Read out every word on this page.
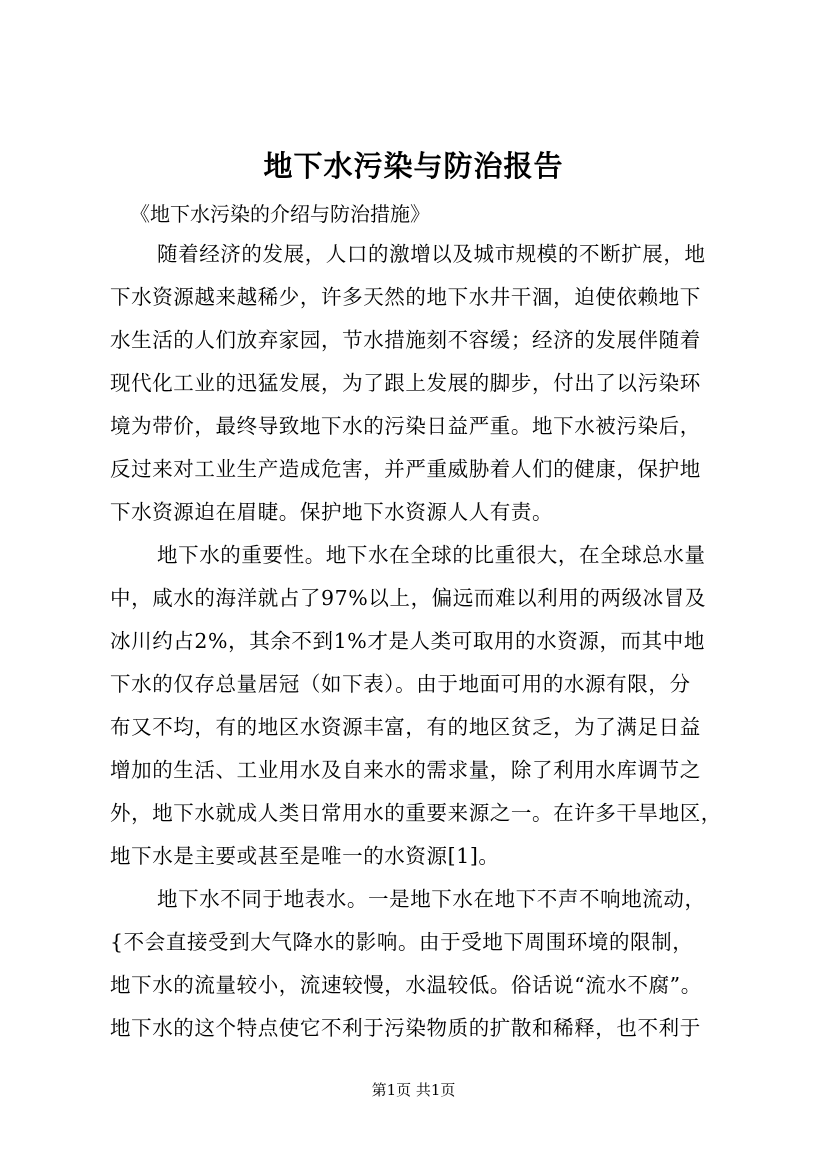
地下水污染与防治报告
《地下水污染的介绍与防治措施》
随着经济的发展，人口的激增以及城市规模的不断扩展，地
下水资源越来越稀少，许多天然的地下水井干涸，迫使依赖地下
水生活的人们放弃家园，节水措施刻不容缓；经济的发展伴随着
现代化工业的迅猛发展，为了跟上发展的脚步，付出了以污染环
境为带价，最终导致地下水的污染日益严重。地下水被污染后，
反过来对工业生产造成危害，并严重威胁着人们的健康，保护地
下水资源迫在眉睫。保护地下水资源人人有责。
地下水的重要性。地下水在全球的比重很大，在全球总水量
中，咸水的海洋就占了97%以上，偏远而难以利用的两级冰冒及
冰川约占2%，其余不到1%才是人类可取用的水资源，而其中地
下水的仅存总量居冠（如下表）。由于地面可用的水源有限，分
布又不均，有的地区水资源丰富，有的地区贫乏，为了满足日益
增加的生活、工业用水及自来水的需求量，除了利用水库调节之
外，地下水就成人类日常用水的重要来源之一。在许多干旱地区，
地下水是主要或甚至是唯一的水资源[1]。
地下水不同于地表水。一是地下水在地下不声不响地流动，
{不会直接受到大气降水的影响。由于受地下周围环境的限制，
地下水的流量较小，流速较慢，水温较低。俗话说“流水不腐”。
地下水的这个特点使它不利于污染物质的扩散和稀释，也不利于
第1页 共1页
